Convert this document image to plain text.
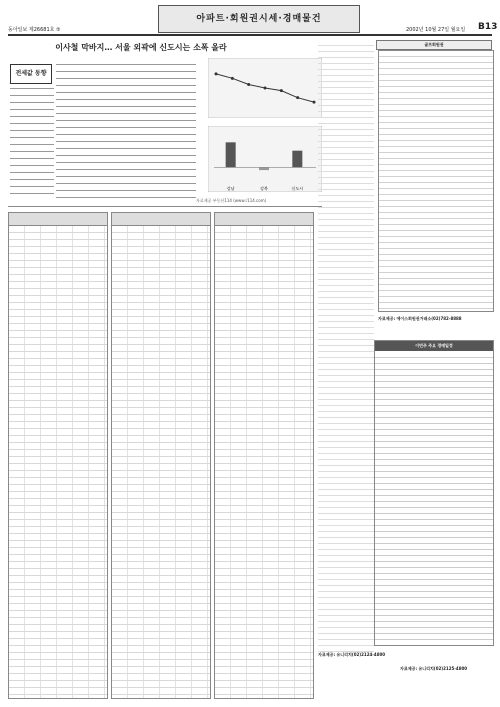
동아일보 제26681호 ⑤
아파트·회원권시세·경매물건
2002년 10월 27일 월요일 B13
이사철 막바지… 서울 외곽에 신도시는 소폭 올라
전세값 동향

강남	강북	신도시
자료제공 부동산114 (www.r114.com)
골프회원권
자료제공: 에이스회원권거래소(02)782-8888
이번주 주요 경매일정
자료제공: 유니리치(02)2124-4800
자료제공: 유니리치(02)2125-4800
